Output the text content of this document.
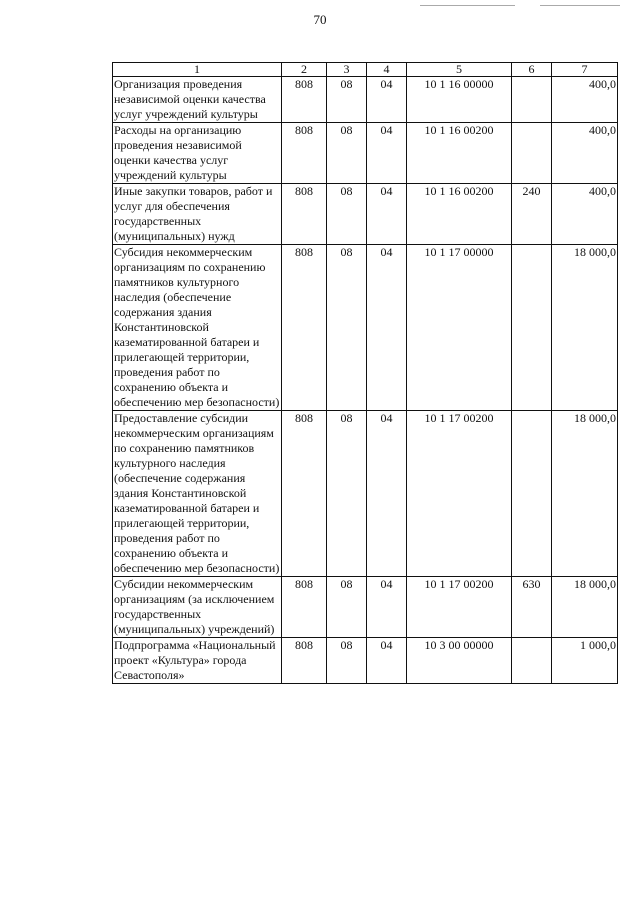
70
1	2	3	4	5	6	7
Организация проведения независимой оценки качества услуг учреждений культуры	808	08	04	10 1 16 00000		400,0
Расходы на организацию проведения независимой оценки качества услуг учреждений культуры	808	08	04	10 1 16 00200		400,0
Иные закупки товаров, работ и услуг для обеспечения государственных (муниципальных) нужд	808	08	04	10 1 16 00200	240	400,0
Субсидия некоммерческим организациям по сохранению памятников культурного наследия (обеспечение содержания здания Константиновской казематированной батареи и прилегающей территории, проведения работ по сохранению объекта и обеспечению мер безопасности)	808	08	04	10 1 17 00000		18 000,0
Предоставление субсидии некоммерческим организациям по сохранению памятников культурного наследия (обеспечение содержания здания Константиновской казематированной батареи и прилегающей территории, проведения работ по сохранению объекта и обеспечению мер безопасности)	808	08	04	10 1 17 00200		18 000,0
Субсидии некоммерческим организациям (за исключением государственных (муниципальных) учреждений)	808	08	04	10 1 17 00200	630	18 000,0
Подпрограмма «Национальный проект «Культура» города Севастополя»	808	08	04	10 3 00 00000		1 000,0
